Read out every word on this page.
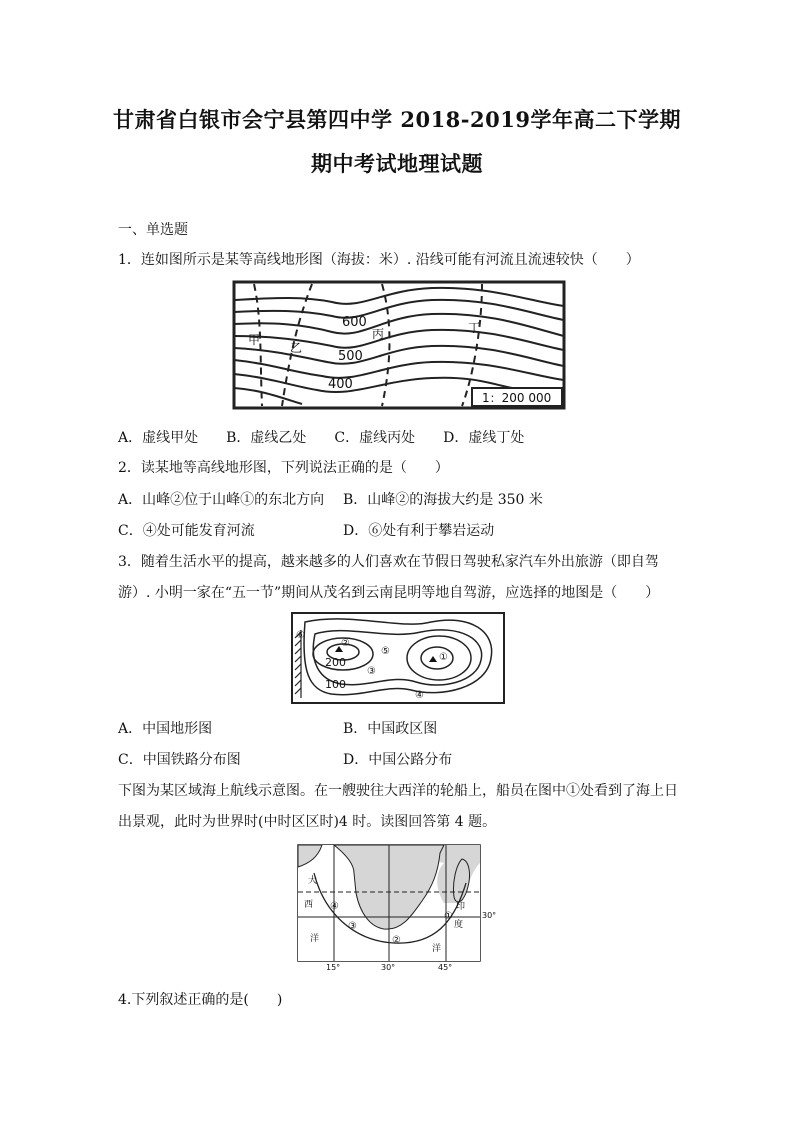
甘肃省白银市会宁县第四中学 2018-2019学年高二下学期
期中考试地理试题
一、单选题
1．连如图所示是某等高线地形图（海拔：米）. 沿线可能有河流且流速较快（　　）
1：200 000
600
500
400
甲
乙
丙	丁
A．虚线甲处　　B．虚线乙处　　C．虚线丙处　　D．虚线丁处
2．读某地等高线地形图，下列说法正确的是（　　）
A．山峰②位于山峰①的东北方向 B．山峰②的海拔大约是 350 米
C．④处可能发育河流	D．⑥处有利于攀岩运动
3．随着生活水平的提高，越来越多的人们喜欢在节假日驾驶私家汽车外出旅游（即自驾
游）. 小明一家在“五一节”期间从茂名到云南昆明等地自驾游，应选择的地图是（　　）
⑥
②
①
⑤
③
④
200
100
A．中国地形图	B．中国政区图
C．中国铁路分布图	D．中国公路分布
下图为某区域海上航线示意图。在一艘驶往大西洋的轮船上，船员在图中①处看到了海上日
出景观，此时为世界时(中时区区时)4 时。读图回答第 4 题。
大
西
洋
印
度
洋
①
②
③
④
30°
15°	30°	45°
4.下列叙述正确的是(　　)
